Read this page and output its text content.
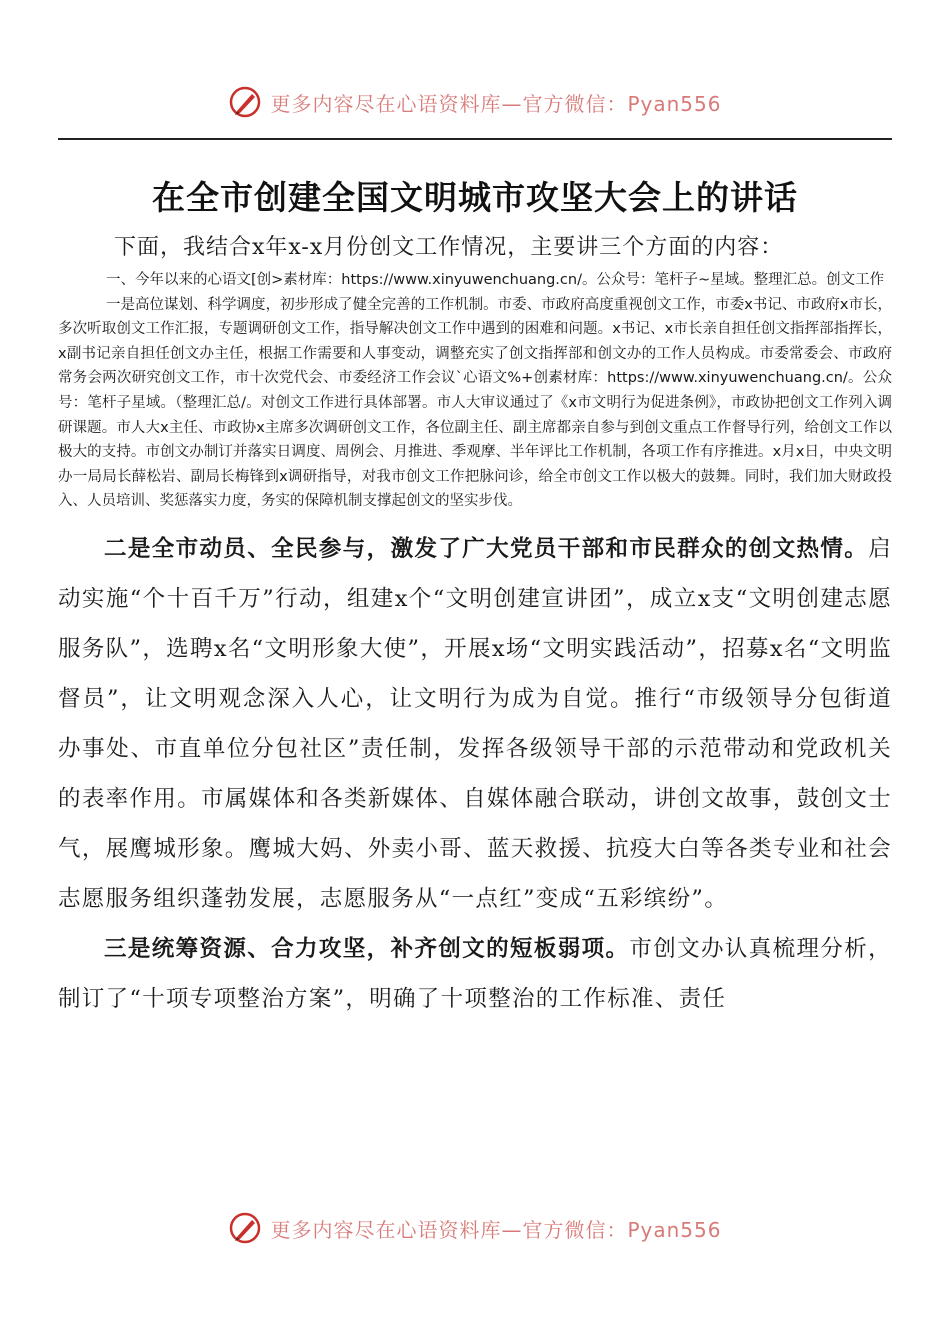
更多内容尽在心语资料库—官方微信：Pyan556
在全市创建全国文明城市攻坚大会上的讲话

下面，我结合x年x-x月份创文工作情况，主要讲三个方面的内容：

一、今年以来的心语文[创>素材库：https://www.xinyuwenchuang.cn/。公众号：笔杆子~星域。整理汇总。创文工作

一是高位谋划、科学调度，初步形成了健全完善的工作机制。市委、市政府高度重视创文工作，市委x书记、市政府x市长，多次听取创文工作汇报，专题调研创文工作，指导解决创文工作中遇到的困难和问题。x书记、x市长亲自担任创文指挥部指挥长，x副书记亲自担任创文办主任，根据工作需要和人事变动，调整充实了创文指挥部和创文办的工作人员构成。市委常委会、市政府常务会两次研究创文工作，市十次党代会、市委经济工作会议`心语文%+创素材库：https://www.xinyuwenchuang.cn/。公众号：笔杆子星域。（整理汇总/。对创文工作进行具体部署。市人大审议通过了《x市文明行为促进条例》，市政协把创文工作列入调研课题。市人大x主任、市政协x主席多次调研创文工作，各位副主任、副主席都亲自参与到创文重点工作督导行列，给创文工作以极大的支持。市创文办制订并落实日调度、周例会、月推进、季观摩、半年评比工作机制，各项工作有序推进。x月x日，中央文明办一局局长薛松岩、副局长梅锋到x调研指导，对我市创文工作把脉问诊，给全市创文工作以极大的鼓舞。同时，我们加大财政投入、人员培训、奖惩落实力度，务实的保障机制支撑起创文的坚实步伐。

二是全市动员、全民参与，激发了广大党员干部和市民群众的创文热情。启动实施“个十百千万”行动，组建x个“文明创建宣讲团”，成立x支“文明创建志愿服务队”，选聘x名“文明形象大使”，开展x场“文明实践活动”，招募x名“文明监督员”，让文明观念深入人心，让文明行为成为自觉。推行“市级领导分包街道办事处、市直单位分包社区”责任制，发挥各级领导干部的示范带动和党政机关的表率作用。市属媒体和各类新媒体、自媒体融合联动，讲创文故事，鼓创文士气，展鹰城形象。鹰城大妈、外卖小哥、蓝天救援、抗疫大白等各类专业和社会志愿服务组织蓬勃发展，志愿服务从“一点红”变成“五彩缤纷”。

三是统筹资源、合力攻坚，补齐创文的短板弱项。市创文办认真梳理分析，制订了“十项专项整治方案”，明确了十项整治的工作标准、责任

更多内容尽在心语资料库—官方微信：Pyan556
